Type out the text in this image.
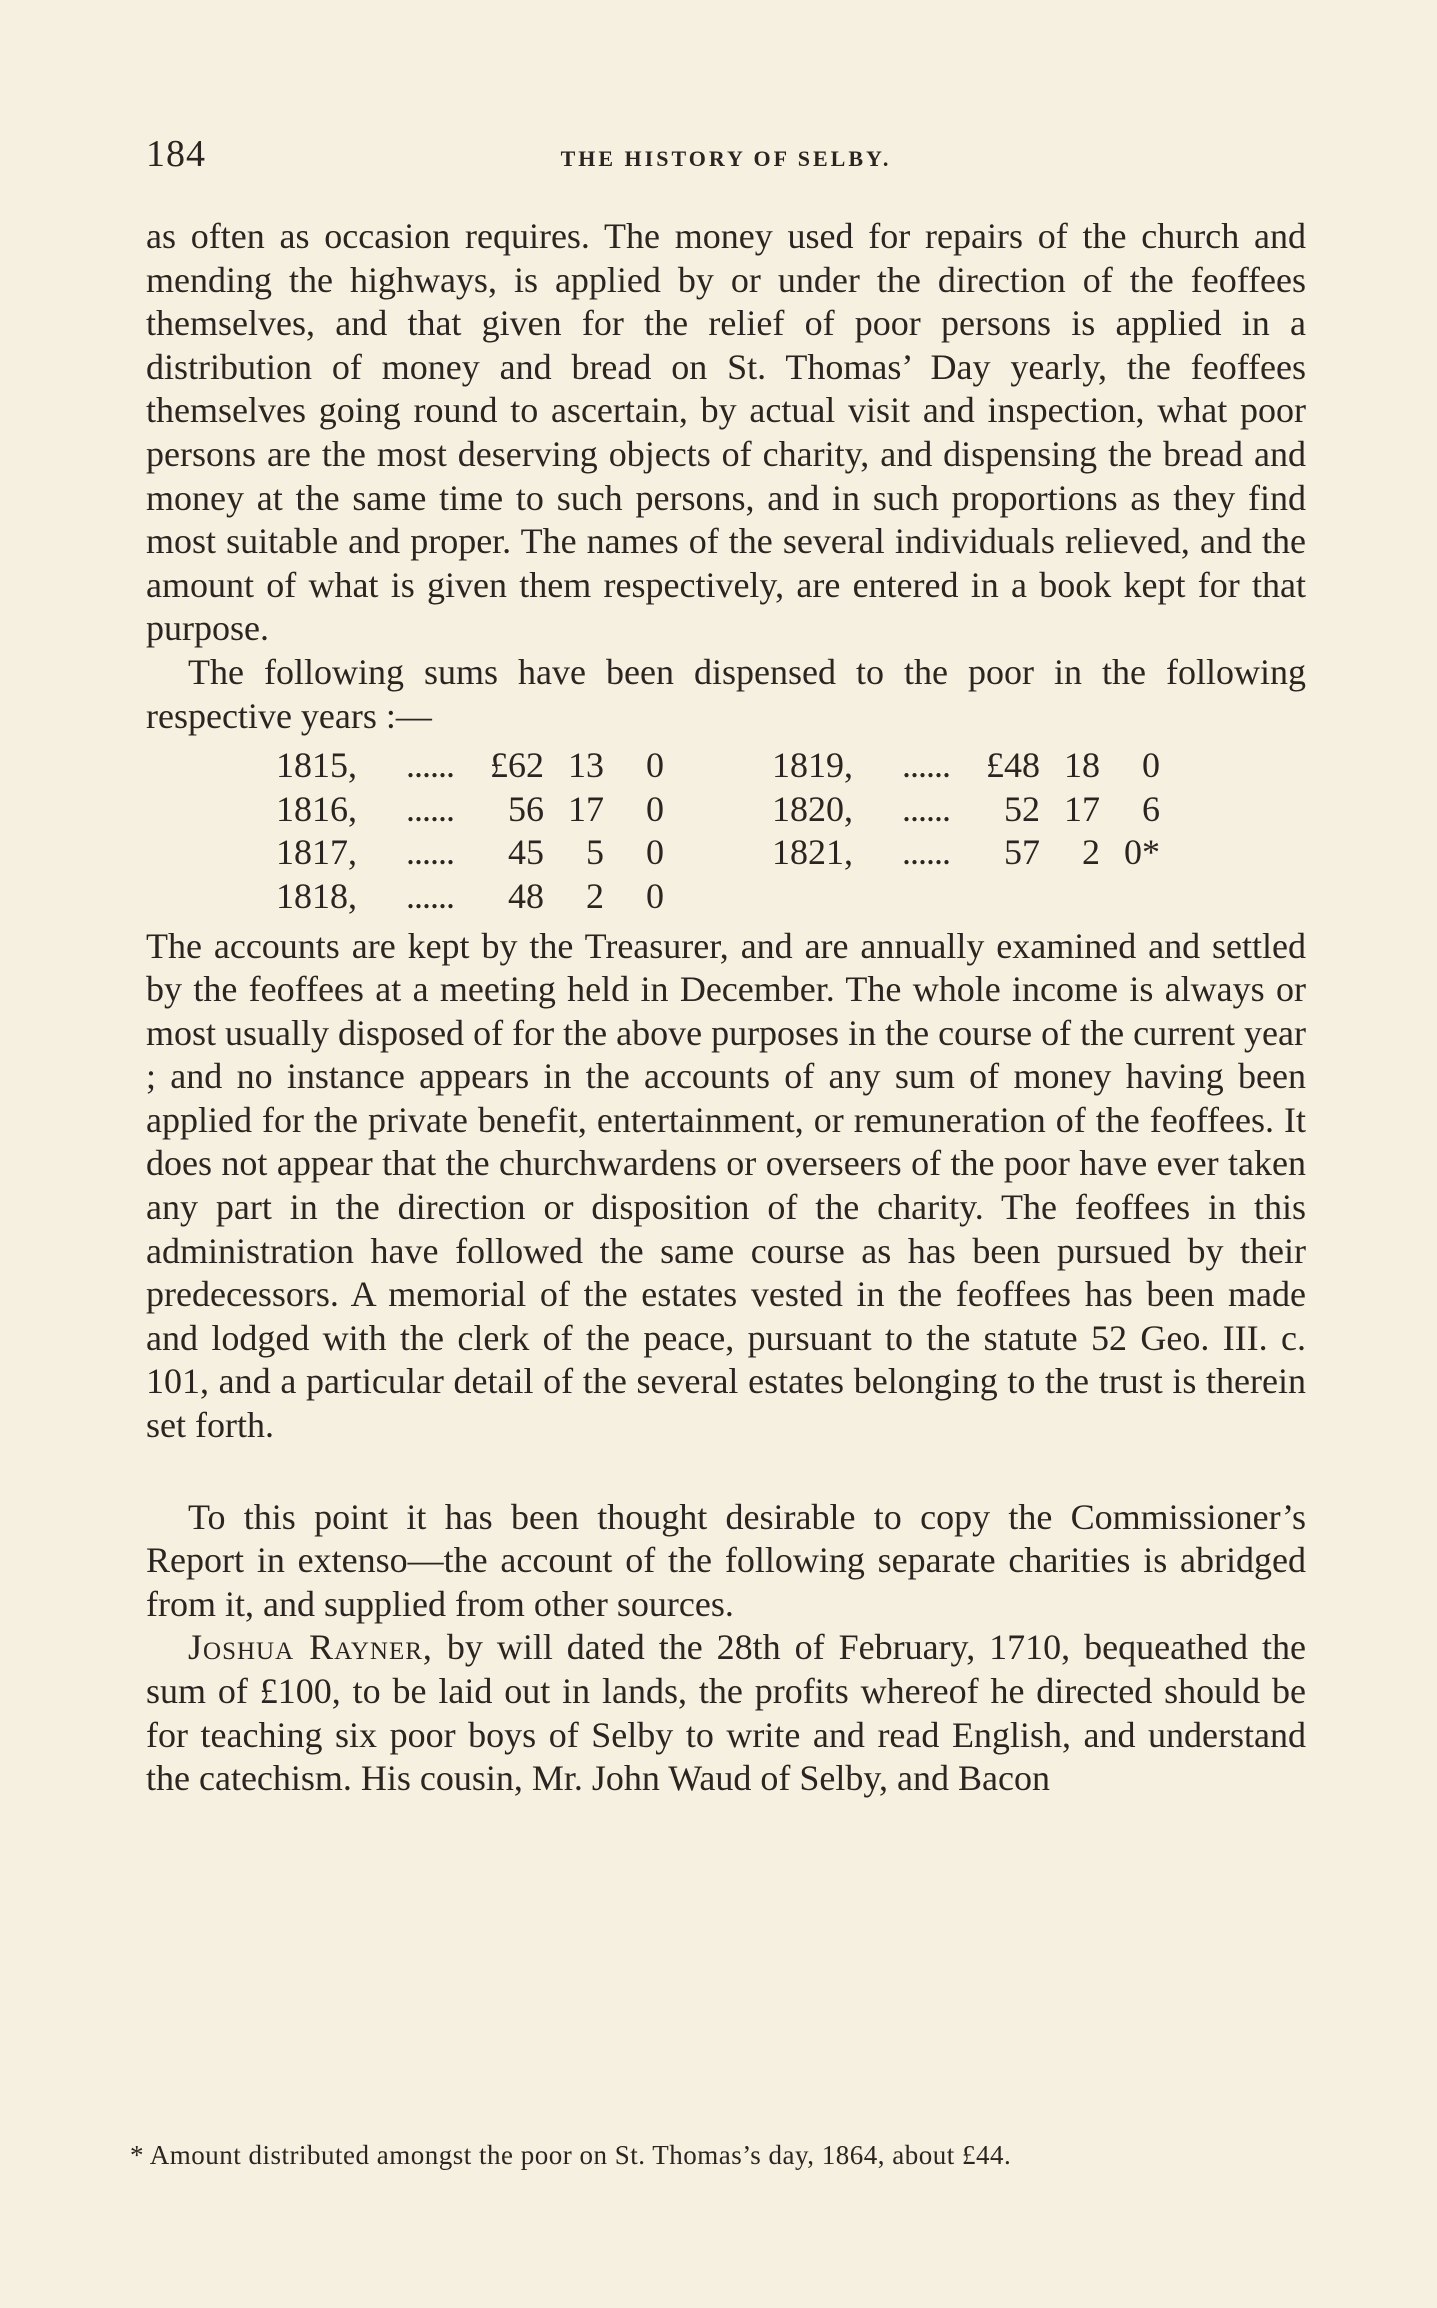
184	THE HISTORY OF SELBY.

as often as occasion requires. The money used for repairs of the church and mending the highways, is applied by or under the direction of the feoffees themselves, and that given for the relief of poor persons is applied in a distribution of money and bread on St. Thomas’ Day yearly, the feoffees themselves going round to ascertain, by actual visit and inspection, what poor persons are the most deserving objects of charity, and dispensing the bread and money at the same time to such persons, and in such proportions as they find most suitable and proper. The names of the several individuals relieved, and the amount of what is given them respectively, are entered in a book kept for that purpose.

The following sums have been dispensed to the poor in the following respective years :—

1815,	......	£62	13	0		1819,	......	£48	18	0
1816,	......	56	17	0		1820,	......	52	17	6
1817,	......	45	5	0		1821,	......	57	2	0*
1818,	......	48	2	0						

The accounts are kept by the Treasurer, and are annually examined and settled by the feoffees at a meeting held in December. The whole income is always or most usually disposed of for the above purposes in the course of the current year ; and no instance appears in the accounts of any sum of money having been applied for the private benefit, entertainment, or remuneration of the feoffees. It does not appear that the churchwardens or overseers of the poor have ever taken any part in the direction or disposition of the charity. The feoffees in this administration have followed the same course as has been pursued by their predecessors. A memorial of the estates vested in the feoffees has been made and lodged with the clerk of the peace, pursuant to the statute 52 Geo. III. c. 101, and a particular detail of the several estates belonging to the trust is therein set forth.

To this point it has been thought desirable to copy the Commissioner’s Report in extenso—the account of the following separate charities is abridged from it, and supplied from other sources.

Joshua Rayner, by will dated the 28th of February, 1710, bequeathed the sum of £100, to be laid out in lands, the profits whereof he directed should be for teaching six poor boys of Selby to write and read English, and understand the catechism. His cousin, Mr. John Waud of Selby, and Bacon

* Amount distributed amongst the poor on St. Thomas’s day, 1864, about £44.
